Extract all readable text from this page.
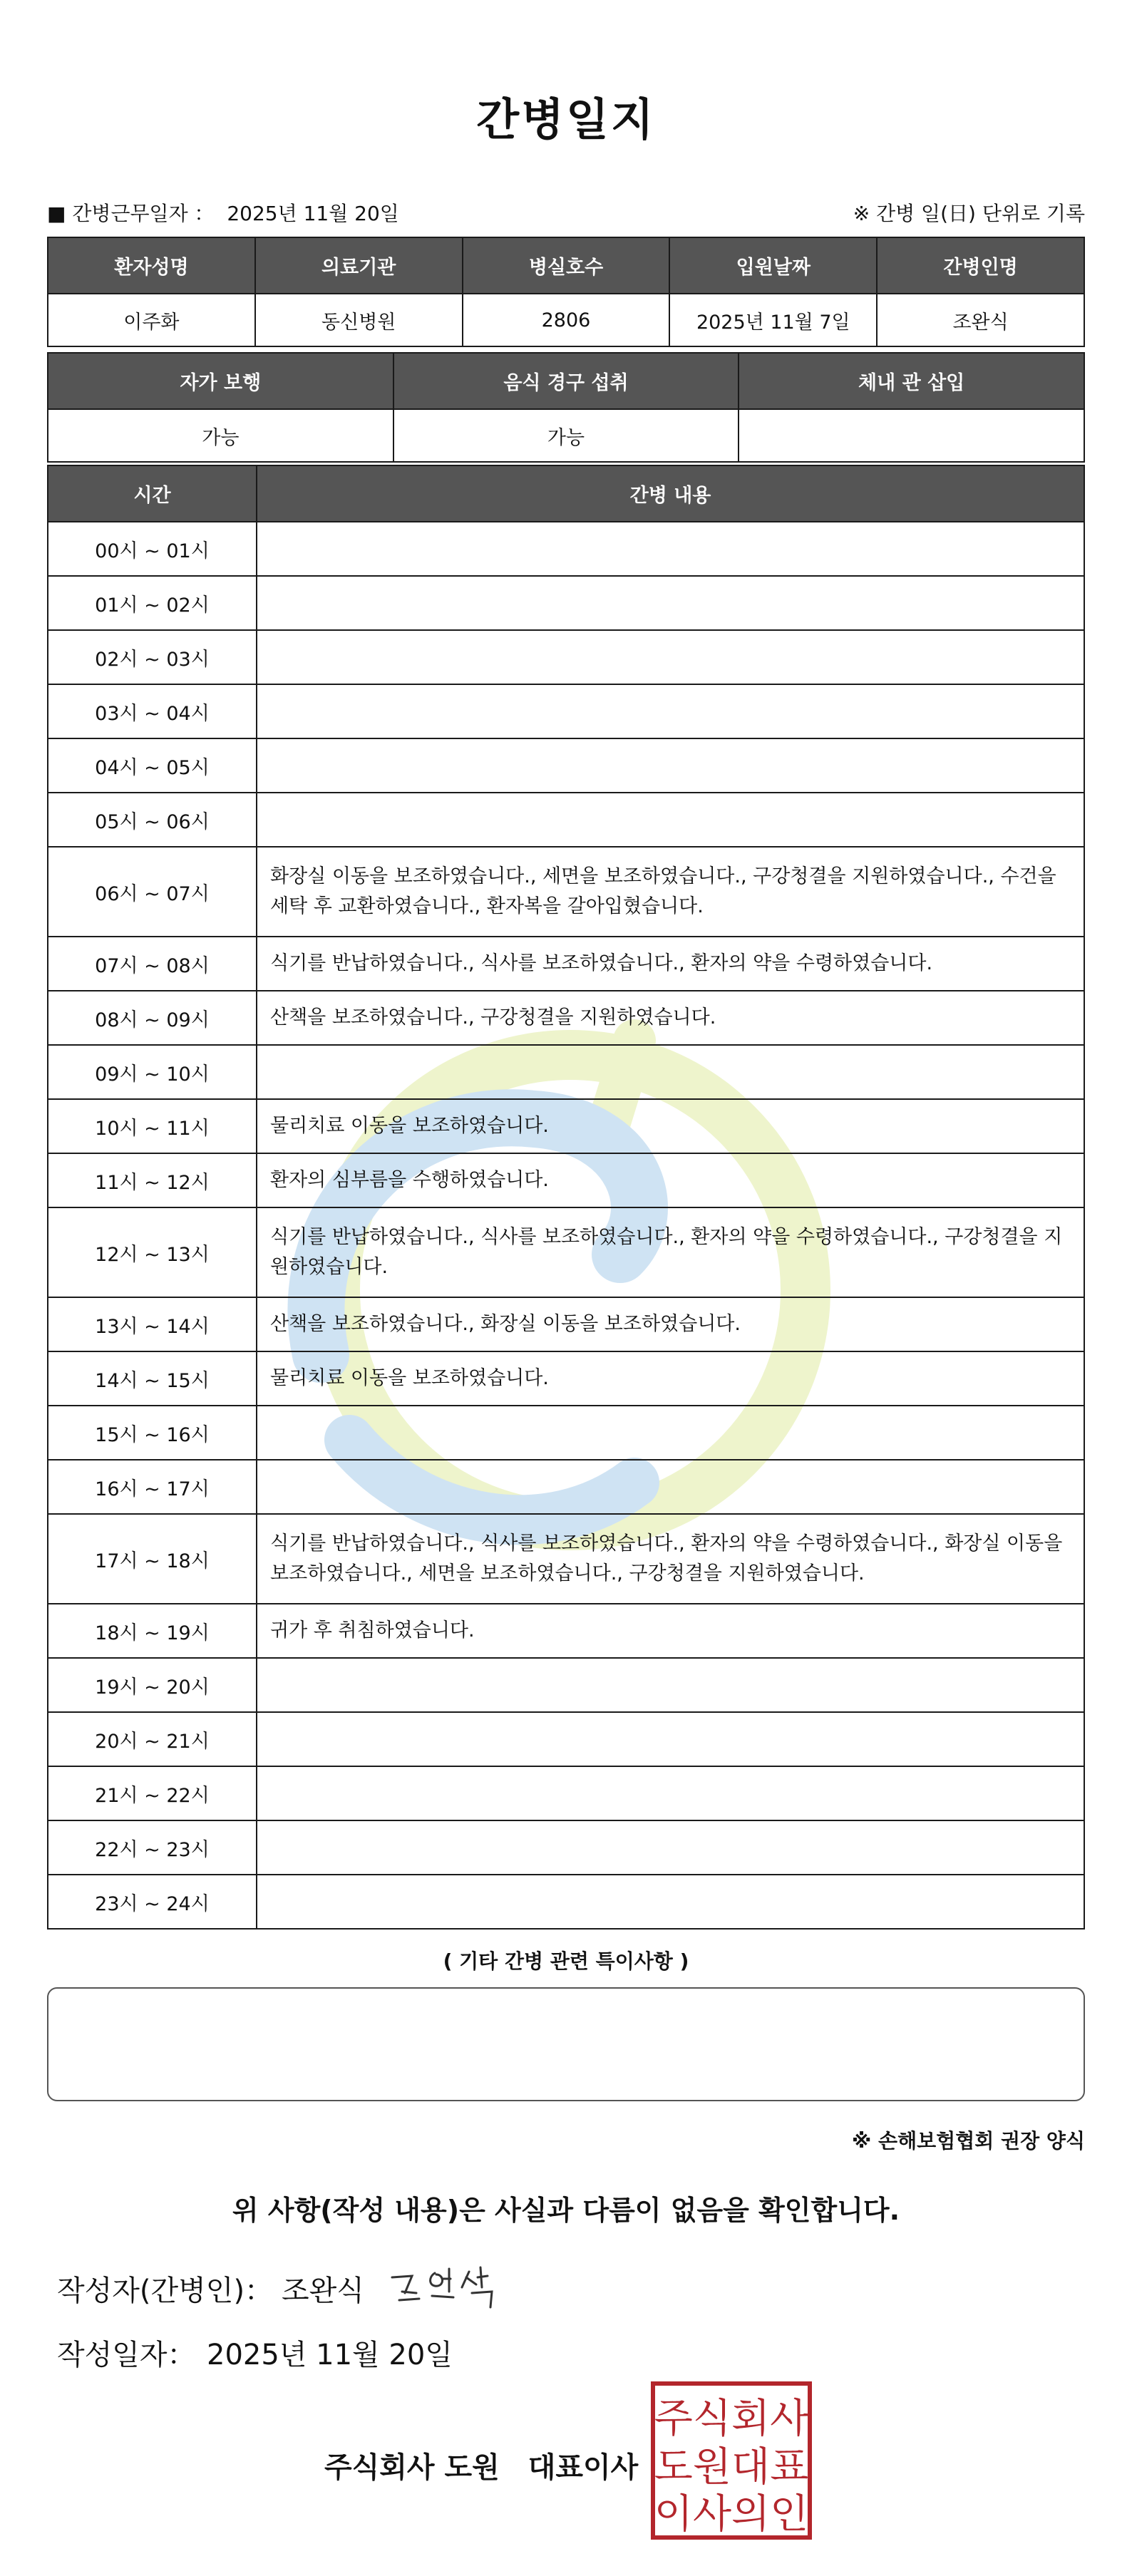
간병일지
■ 간병근무일자 ： 2025년 11월 20일	※ 간병 일(日) 단위로 기록
환자성명	의료기관	병실호수	입원날짜	간병인명
이주화	동신병원	2806	2025년 11월 7일	조완식
자가 보행	음식 경구 섭취	체내 관 삽입
가능	가능	
시간	간병 내용
00시 ~ 01시	
01시 ~ 02시	
02시 ~ 03시	
03시 ~ 04시	
04시 ~ 05시	
05시 ~ 06시	
06시 ~ 07시	화장실 이동을 보조하였습니다., 세면을 보조하였습니다., 구강청결을 지원하였습니다., 수건을 세탁 후 교환하였습니다., 환자복을 갈아입혔습니다.
07시 ~ 08시	식기를 반납하였습니다., 식사를 보조하였습니다., 환자의 약을 수령하였습니다.
08시 ~ 09시	산책을 보조하였습니다., 구강청결을 지원하였습니다.
09시 ~ 10시	
10시 ~ 11시	물리치료 이동을 보조하였습니다.
11시 ~ 12시	환자의 심부름을 수행하였습니다.
12시 ~ 13시	식기를 반납하였습니다., 식사를 보조하였습니다., 환자의 약을 수령하였습니다., 구강청결을 지원하였습니다.
13시 ~ 14시	산책을 보조하였습니다., 화장실 이동을 보조하였습니다.
14시 ~ 15시	물리치료 이동을 보조하였습니다.
15시 ~ 16시	
16시 ~ 17시	
17시 ~ 18시	식기를 반납하였습니다., 식사를 보조하였습니다., 환자의 약을 수령하였습니다., 화장실 이동을 보조하였습니다., 세면을 보조하였습니다., 구강청결을 지원하였습니다.
18시 ~ 19시	귀가 후 취침하였습니다.
19시 ~ 20시	
20시 ~ 21시	
21시 ~ 22시	
22시 ~ 23시	
23시 ~ 24시	
( 기타 간병 관련 특이사항 )
※ 손해보험협회 권장 양식
위 사항(작성 내용)은 사실과 다름이 없음을 확인합니다.
작성자(간병인)： 조완식
작성일자： 2025년 11월 20일
주식회사 도원　대표이사
주식회사
도원대표
이사의인
